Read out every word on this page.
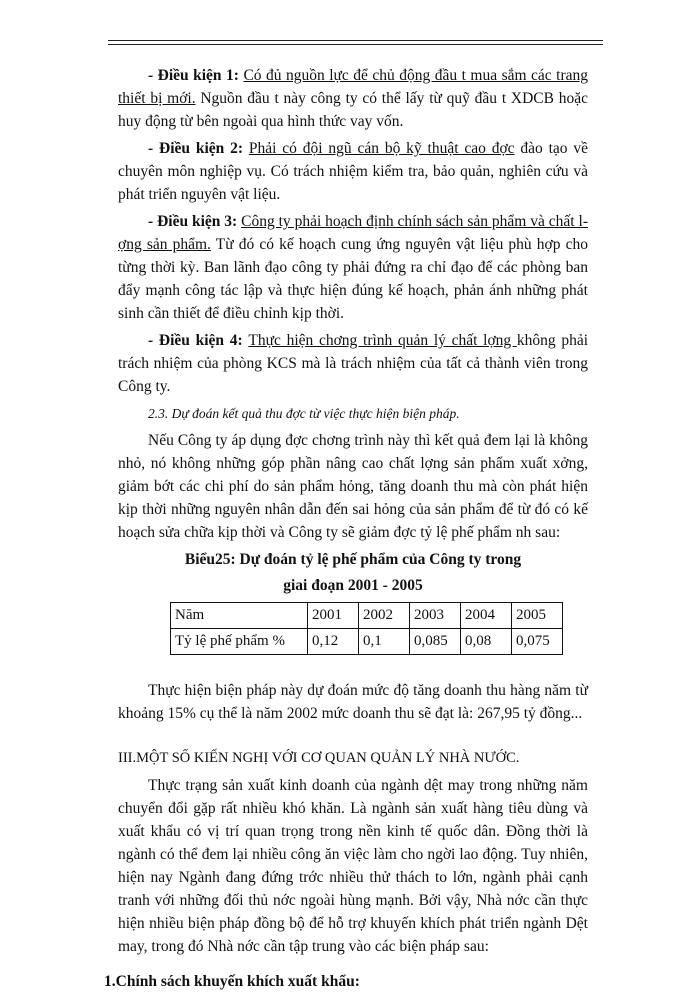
- Điều kiện 1: Có đủ nguồn lực để chủ động đầu t mua sắm các trang thiết bị mới. Nguồn đầu t này công ty có thể lấy từ quỹ đầu t XDCB hoặc huy động từ bên ngoài qua hình thức vay vốn.

- Điều kiện 2: Phải có đội ngũ cán bộ kỹ thuật cao đợc đào tạo về chuyên môn nghiệp vụ. Có trách nhiệm kiểm tra, bảo quản, nghiên cứu và phát triển nguyên vật liệu.

- Điều kiện 3: Công ty phải hoạch định chính sách sản phẩm và chất lợng sản phẩm. Từ đó có kế hoạch cung ứng nguyên vật liệu phù hợp cho từng thời kỳ. Ban lãnh đạo công ty phải đứng ra chỉ đạo để các phòng ban đẩy mạnh công tác lập và thực hiện đúng kế hoạch, phản ánh những phát sinh cần thiết để điều chỉnh kịp thời.

- Điều kiện 4: Thực hiện chơng trình quản lý chất lợng không phải trách nhiệm của phòng KCS mà là trách nhiệm của tất cả thành viên trong Công ty.

2.3. Dự đoán kết quả thu đợc từ việc thực hiện biện pháp.

Nếu Công ty áp dụng đợc chơng trình này thì kết quả đem lại là không nhỏ, nó không những góp phần nâng cao chất lợng sản phẩm xuất xởng, giảm bớt các chi phí do sản phẩm hỏng, tăng doanh thu mà còn phát hiện kịp thời những nguyên nhân dẫn đến sai hỏng của sản phẩm để từ đó có kế hoạch sửa chữa kịp thời và Công ty sẽ giảm đợc tỷ lệ phế phẩm nh sau:

Biểu25: Dự đoán tỷ lệ phế phẩm của Công ty trong

giai đoạn 2001 - 2005

Năm	2001	2002	2003	2004	2005
Tỷ lệ phế phẩm %	0,12	0,1	0,085	0,08	0,075

Thực hiện biện pháp này dự đoán mức độ tăng doanh thu hàng năm từ khoảng 15% cụ thể là năm 2002 mức doanh thu sẽ đạt là: 267,95 tỷ đồng...

III.MỘT SỐ KIẾN NGHỊ VỚI CƠ QUAN QUẢN LÝ NHÀ NƯỚC.

Thực trạng sản xuất kinh doanh của ngành dệt may trong những năm chuyển đổi gặp rất nhiều khó khăn. Là ngành sản xuất hàng tiêu dùng và xuất khẩu có vị trí quan trọng trong nền kinh tế quốc dân. Đồng thời là ngành có thể đem lại nhiều công ăn việc làm cho ngời lao động. Tuy nhiên, hiện nay Ngành đang đứng trớc nhiều thử thách to lớn, ngành phải cạnh tranh với những đối thủ nớc ngoài hùng mạnh. Bởi vậy, Nhà nớc cần thực hiện nhiều biện pháp đồng bộ để hỗ trợ khuyến khích phát triển ngành Dệt may, trong đó Nhà nớc cần tập trung vào các biện pháp sau:

1.Chính sách khuyến khích xuất khẩu:
